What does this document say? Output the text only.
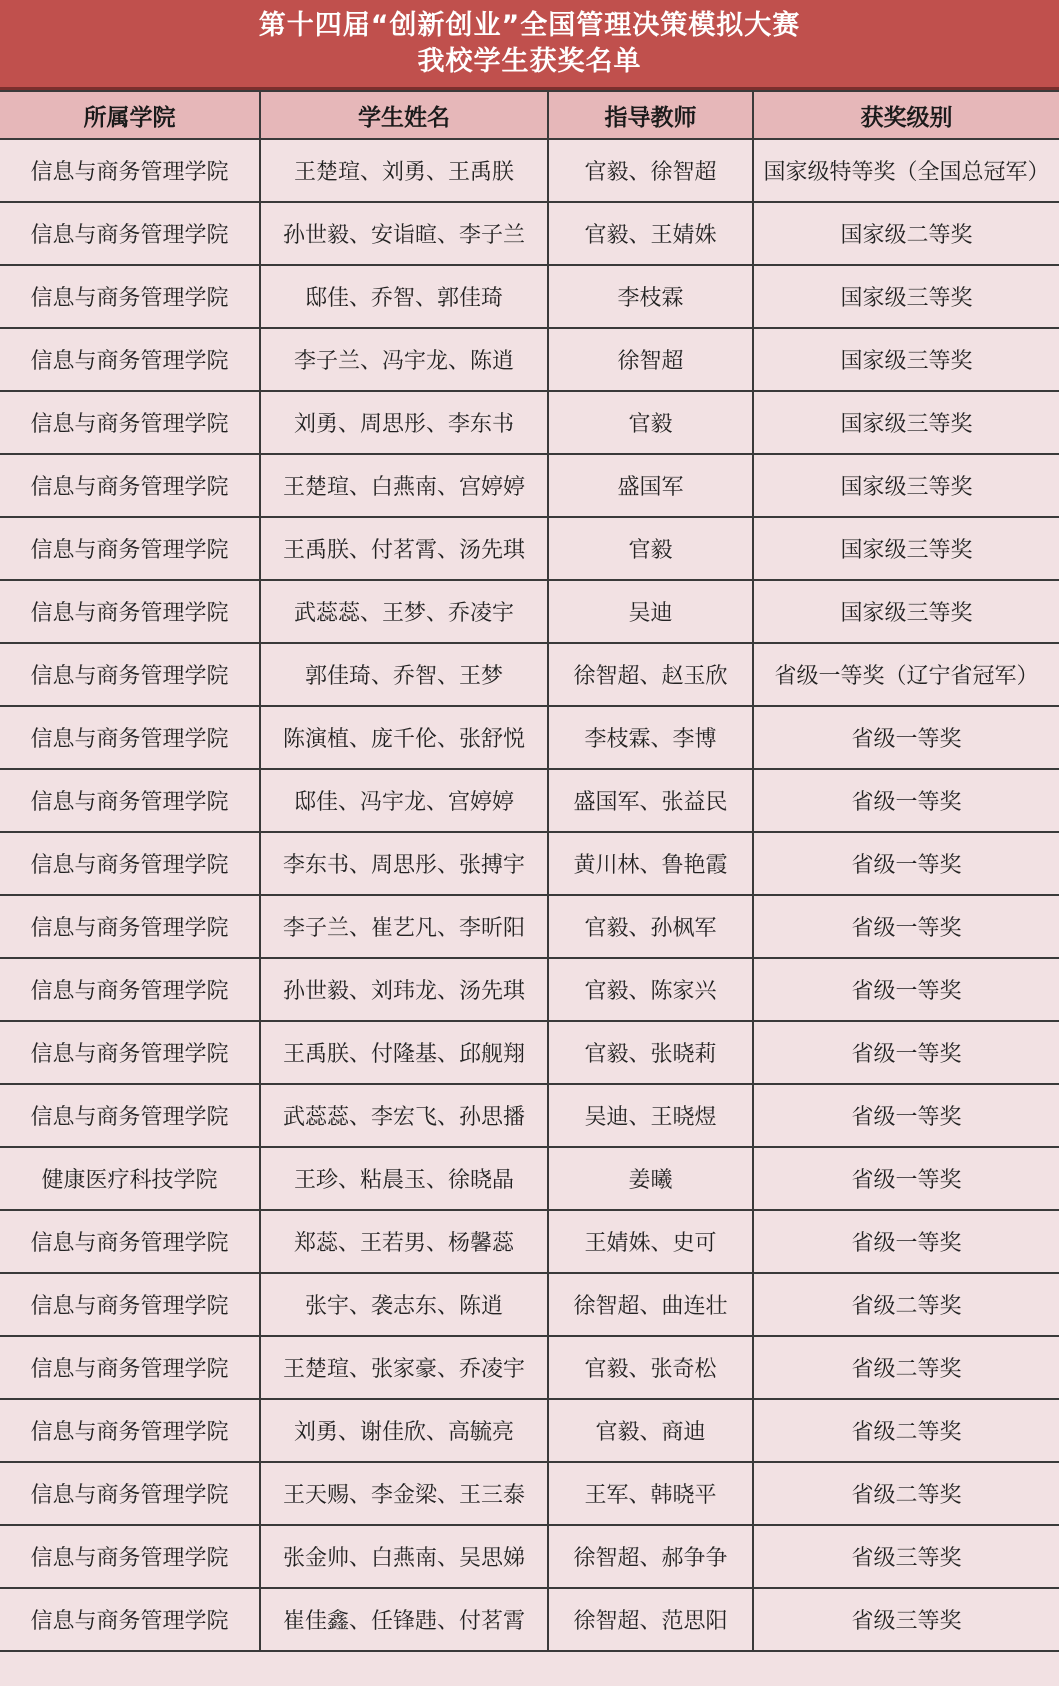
第十四届“创新创业”全国管理决策模拟大赛
我校学生获奖名单
所属学院	学生姓名	指导教师	获奖级别
信息与商务管理学院	王楚瑄、刘勇、王禹朕	官毅、徐智超	国家级特等奖（全国总冠军）
信息与商务管理学院	孙世毅、安诣暄、李子兰	官毅、王婧姝	国家级二等奖
信息与商务管理学院	邸佳、乔智、郭佳琦	李枝霖	国家级三等奖
信息与商务管理学院	李子兰、冯宇龙、陈逍	徐智超	国家级三等奖
信息与商务管理学院	刘勇、周思彤、李东书	官毅	国家级三等奖
信息与商务管理学院	王楚瑄、白燕南、宫婷婷	盛国军	国家级三等奖
信息与商务管理学院	王禹朕、付茗霄、汤先琪	官毅	国家级三等奖
信息与商务管理学院	武蕊蕊、王梦、乔凌宇	吴迪	国家级三等奖
信息与商务管理学院	郭佳琦、乔智、王梦	徐智超、赵玉欣	省级一等奖（辽宁省冠军）
信息与商务管理学院	陈演植、庞千伦、张舒悦	李枝霖、李博	省级一等奖
信息与商务管理学院	邸佳、冯宇龙、宫婷婷	盛国军、张益民	省级一等奖
信息与商务管理学院	李东书、周思彤、张搏宇	黄川林、鲁艳霞	省级一等奖
信息与商务管理学院	李子兰、崔艺凡、李昕阳	官毅、孙枫军	省级一等奖
信息与商务管理学院	孙世毅、刘玮龙、汤先琪	官毅、陈家兴	省级一等奖
信息与商务管理学院	王禹朕、付隆基、邱舰翔	官毅、张晓莉	省级一等奖
信息与商务管理学院	武蕊蕊、李宏飞、孙思播	吴迪、王晓煜	省级一等奖
健康医疗科技学院	王珍、粘晨玉、徐晓晶	姜曦	省级一等奖
信息与商务管理学院	郑蕊、王若男、杨馨蕊	王婧姝、史可	省级一等奖
信息与商务管理学院	张宇、袭志东、陈逍	徐智超、曲连壮	省级二等奖
信息与商务管理学院	王楚瑄、张家豪、乔凌宇	官毅、张奇松	省级二等奖
信息与商务管理学院	刘勇、谢佳欣、高毓亮	官毅、商迪	省级二等奖
信息与商务管理学院	王天赐、李金梁、王三泰	王军、韩晓平	省级二等奖
信息与商务管理学院	张金帅、白燕南、吴思娣	徐智超、郝争争	省级三等奖
信息与商务管理学院	崔佳鑫、任锋韪、付茗霄	徐智超、范思阳	省级三等奖
